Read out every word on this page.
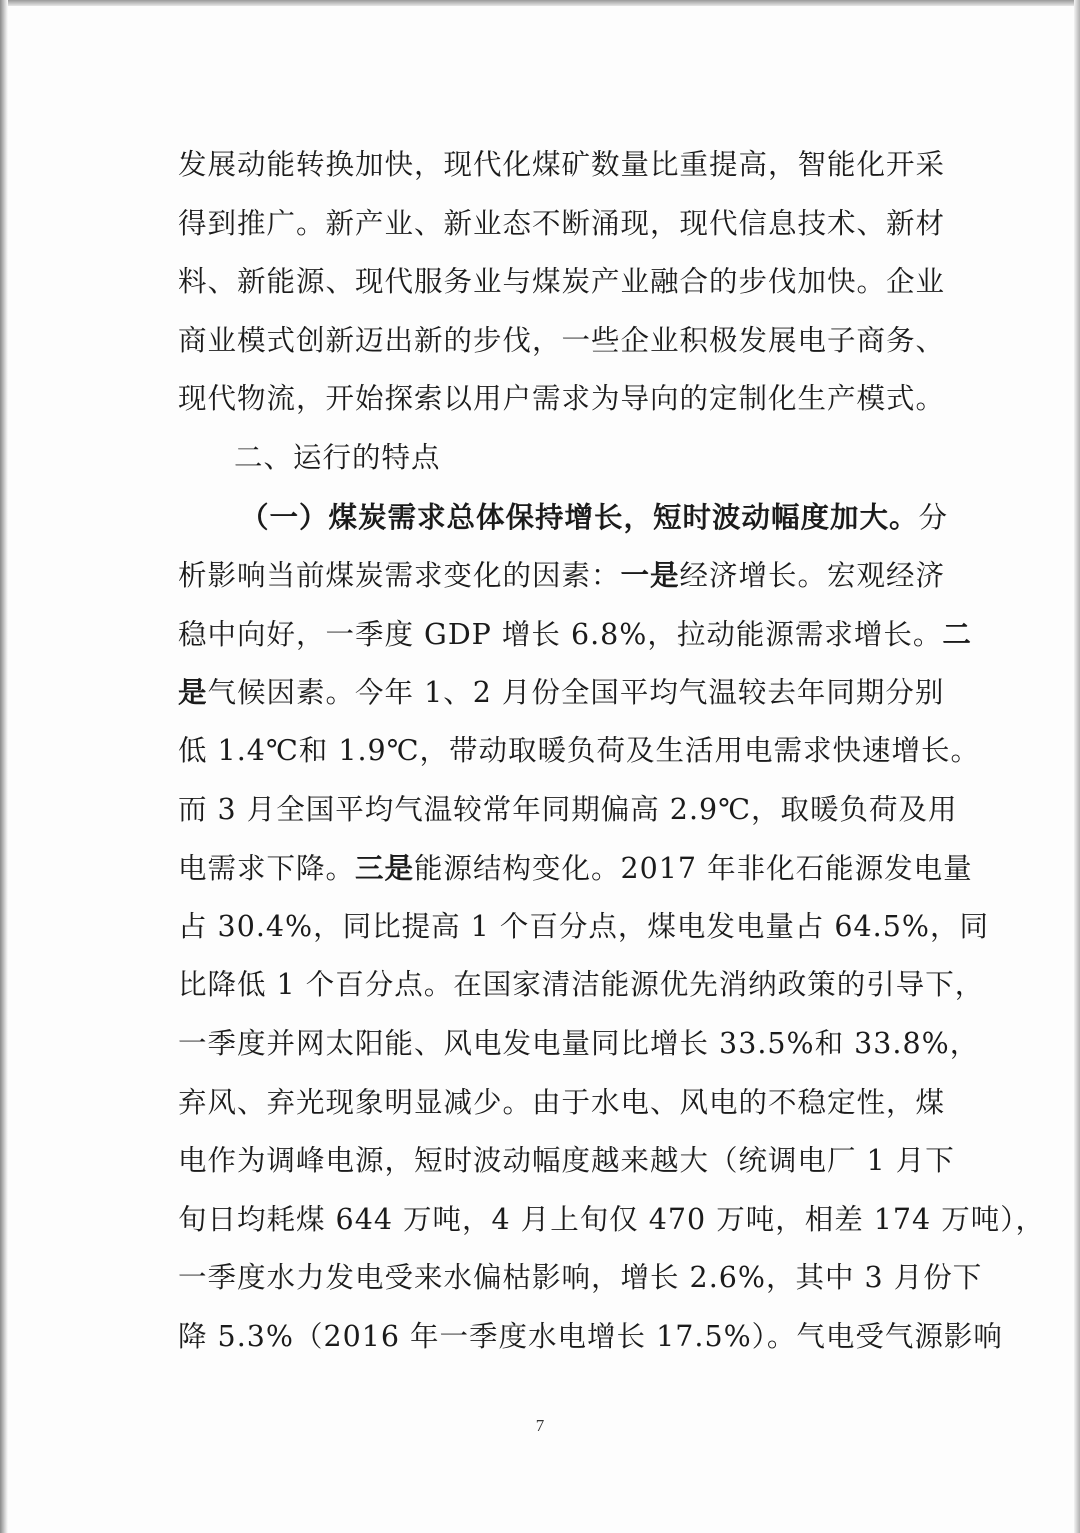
发展动能转换加快，现代化煤矿数量比重提高，智能化开采
得到推广。新产业、新业态不断涌现，现代信息技术、新材
料、新能源、现代服务业与煤炭产业融合的步伐加快。企业
商业模式创新迈出新的步伐，一些企业积极发展电子商务、
现代物流，开始探索以用户需求为导向的定制化生产模式。
二、运行的特点
（一）煤炭需求总体保持增长，短时波动幅度加大。分
析影响当前煤炭需求变化的因素：一是经济增长。宏观经济
稳中向好，一季度 GDP 增长 6.8%，拉动能源需求增长。二
是气候因素。今年 1、2 月份全国平均气温较去年同期分别
低 1.4℃和 1.9℃，带动取暖负荷及生活用电需求快速增长。
而 3 月全国平均气温较常年同期偏高 2.9℃，取暖负荷及用
电需求下降。三是能源结构变化。2017 年非化石能源发电量
占 30.4%，同比提高 1 个百分点，煤电发电量占 64.5%，同
比降低 1 个百分点。在国家清洁能源优先消纳政策的引导下，
一季度并网太阳能、风电发电量同比增长 33.5%和 33.8%，
弃风、弃光现象明显减少。由于水电、风电的不稳定性，煤
电作为调峰电源，短时波动幅度越来越大（统调电厂 1 月下
旬日均耗煤 644 万吨，4 月上旬仅 470 万吨，相差 174 万吨），
一季度水力发电受来水偏枯影响，增长 2.6%，其中 3 月份下
降 5.3%（2016 年一季度水电增长 17.5%）。气电受气源影响
7
